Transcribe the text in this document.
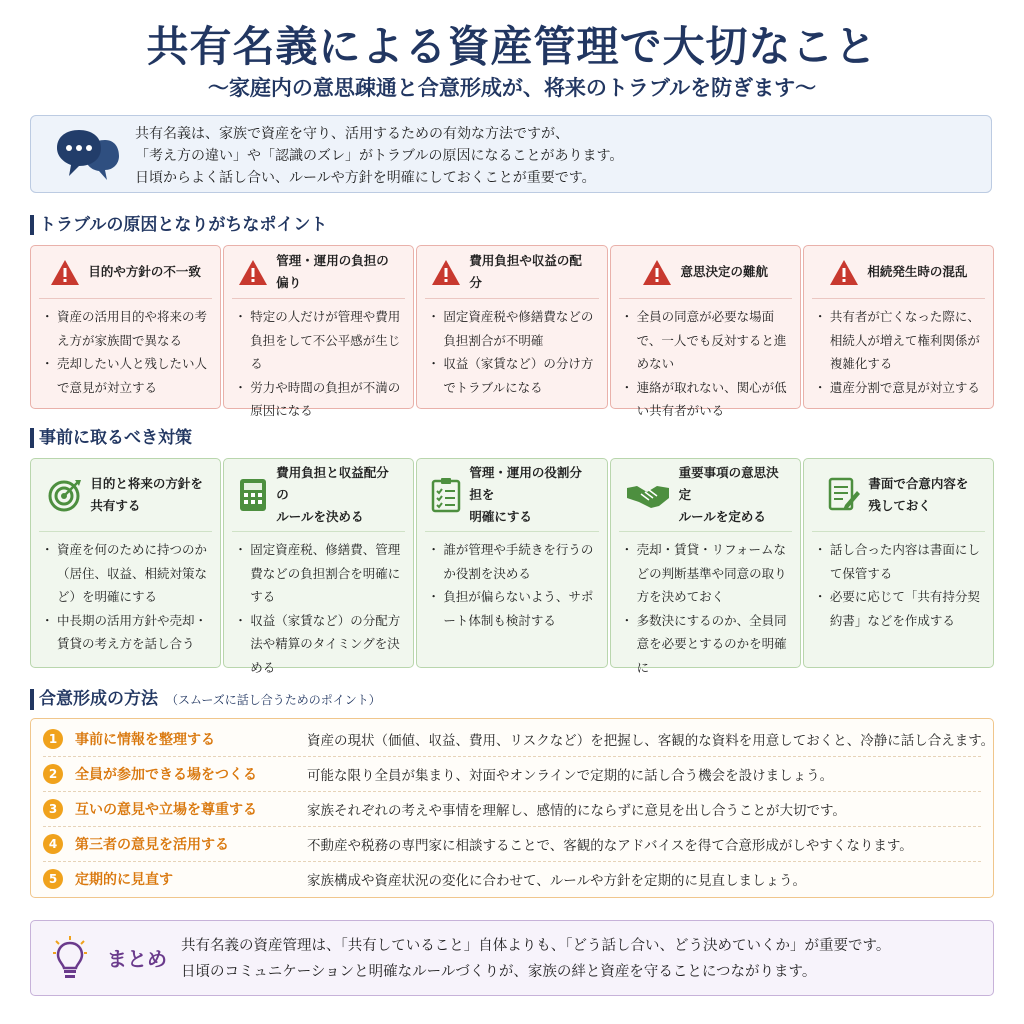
共有名義による資産管理で大切なこと
〜家庭内の意思疎通と合意形成が、将来のトラブルを防ぎます〜
共有名義は、家族で資産を守り、活用するための有効な方法ですが、
「考え方の違い」や「認識のズレ」がトラブルの原因になることがあります。
日頃からよく話し合い、ルールや方針を明確にしておくことが重要です。
トラブルの原因となりがちなポイント
目的や方針の不一致
・ 資産の活用目的や将来の考え方が家族間で異なる
・ 売却したい人と残したい人で意見が対立する
管理・運用の負担の偏り
・ 特定の人だけが管理や費用負担をして不公平感が生じる
・ 労力や時間の負担が不満の原因になる
費用負担や収益の配分
・ 固定資産税や修繕費などの負担割合が不明確
・ 収益（家賃など）の分け方でトラブルになる
意思決定の難航
・ 全員の同意が必要な場面で、一人でも反対すると進めない
・ 連絡が取れない、関心が低い共有者がいる
相続発生時の混乱
・ 共有者が亡くなった際に、相続人が増えて権利関係が複雑化する
・ 遺産分割で意見が対立する
事前に取るべき対策
目的と将来の方針を
共有する
・ 資産を何のために持つのか（居住、収益、相続対策など）を明確にする
・ 中長期の活用方針や売却・賃貸の考え方を話し合う
費用負担と収益配分の
ルールを決める
・ 固定資産税、修繕費、管理費などの負担割合を明確にする
・ 収益（家賃など）の分配方法や精算のタイミングを決める
管理・運用の役割分担を
明確にする
・ 誰が管理や手続きを行うのか役割を決める
・ 負担が偏らないよう、サポート体制も検討する
重要事項の意思決定
ルールを定める
・ 売却・賃貸・リフォームなどの判断基準や同意の取り方を決めておく
・ 多数決にするのか、全員同意を必要とするのかを明確に
書面で合意内容を
残しておく
・ 話し合った内容は書面にして保管する
・ 必要に応じて「共有持分契約書」などを作成する
合意形成の方法 （スムーズに話し合うためのポイント）
1	事前に情報を整理する	資産の現状（価値、収益、費用、リスクなど）を把握し、客観的な資料を用意しておくと、冷静に話し合えます。
2	全員が参加できる場をつくる	可能な限り全員が集まり、対面やオンラインで定期的に話し合う機会を設けましょう。
3	互いの意見や立場を尊重する	家族それぞれの考えや事情を理解し、感情的にならずに意見を出し合うことが大切です。
4	第三者の意見を活用する	不動産や税務の専門家に相談することで、客観的なアドバイスを得て合意形成がしやすくなります。
5	定期的に見直す	家族構成や資産状況の変化に合わせて、ルールや方針を定期的に見直しましょう。
まとめ
共有名義の資産管理は、「共有していること」自体よりも、「どう話し合い、どう決めていくか」が重要です。
日頃のコミュニケーションと明確なルールづくりが、家族の絆と資産を守ることにつながります。
